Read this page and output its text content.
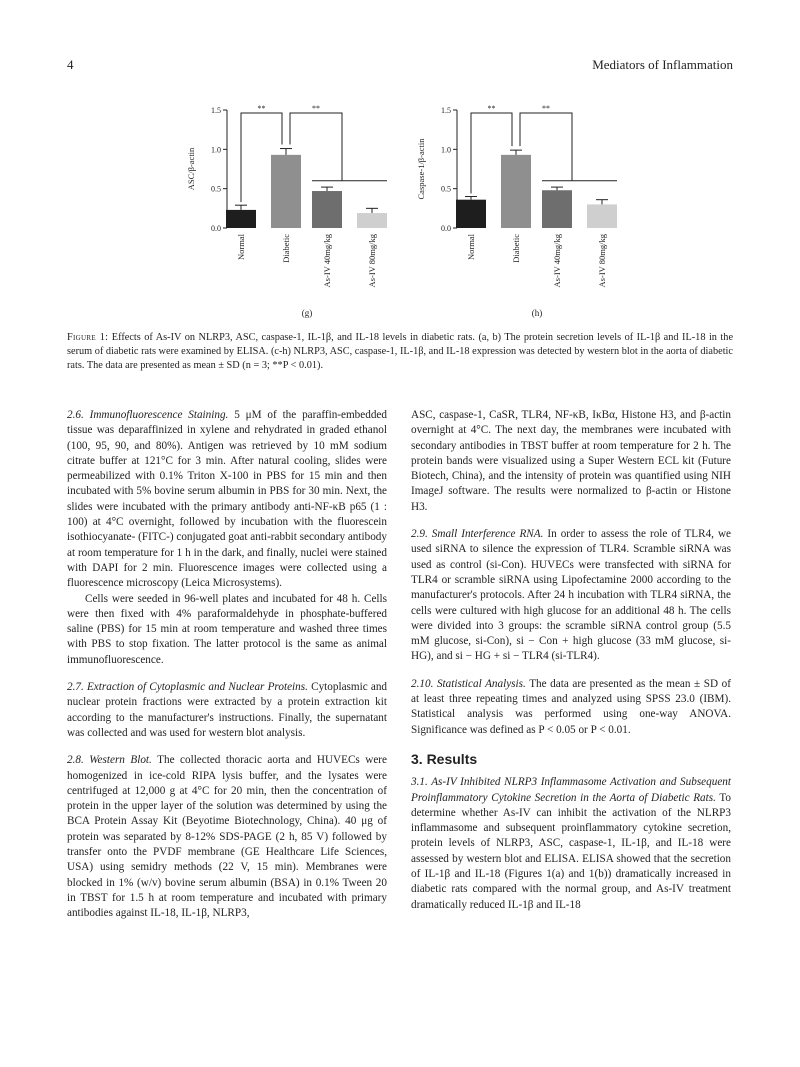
4	Mediators of Inflammation
0.0
0.5
1.0
1.5
ASC/β-actin
Normal	Diabetic	As-IV 40mg/kg	As-IV 80mg/kg
**	**
(g)
0.0
0.5
1.0
1.5
Caspase-1/β-actin
Normal	Diabetic	As-IV 40mg/kg	As-IV 80mg/kg
**	**
(h)
Figure 1: Effects of As-IV on NLRP3, ASC, caspase-1, IL-1β, and IL-18 levels in diabetic rats. (a, b) The protein secretion levels of IL-1β and IL-18 in the serum of diabetic rats were examined by ELISA. (c-h) NLRP3, ASC, caspase-1, IL-1β, and IL-18 expression was detected by western blot in the aorta of diabetic rats. The data are presented as mean ± SD (n = 3; **P < 0.01).

2.6. Immunofluorescence Staining. 5 μM of the paraffin-embedded tissue was deparaffinized in xylene and rehydrated in graded ethanol (100, 95, 90, and 80%). Antigen was retrieved by 10 mM sodium citrate buffer at 121°C for 3 min. After natural cooling, slides were permeabilized with 0.1% Triton X-100 in PBS for 15 min and then incubated with 5% bovine serum albumin in PBS for 30 min. Next, the slides were incubated with the primary antibody anti-NF-κB p65 (1 : 100) at 4°C overnight, followed by incubation with the fluorescein isothiocyanate- (FITC-) conjugated goat anti-rabbit secondary antibody at room temperature for 1 h in the dark, and finally, nuclei were stained with DAPI for 2 min. Fluorescence images were collected using a fluorescence microscopy (Leica Microsystems).

Cells were seeded in 96-well plates and incubated for 48 h. Cells were then fixed with 4% paraformaldehyde in phosphate-buffered saline (PBS) for 15 min at room temperature and washed three times with PBS to stop fixation. The latter protocol is the same as animal immunofluorescence.

2.7. Extraction of Cytoplasmic and Nuclear Proteins. Cytoplasmic and nuclear protein fractions were extracted by a protein extraction kit according to the manufacturer's instructions. Finally, the supernatant was collected and was used for western blot analysis.

2.8. Western Blot. The collected thoracic aorta and HUVECs were homogenized in ice-cold RIPA lysis buffer, and the lysates were centrifuged at 12,000 g at 4°C for 20 min, then the concentration of protein in the upper layer of the solution was determined by using the BCA Protein Assay Kit (Beyotime Biotechnology, China). 40 μg of protein was separated by 8-12% SDS-PAGE (2 h, 85 V) followed by transfer onto the PVDF membrane (GE Healthcare Life Sciences, USA) using semidry methods (22 V, 15 min). Membranes were blocked in 1% (w/v) bovine serum albumin (BSA) in 0.1% Tween 20 in TBST for 1.5 h at room temperature and incubated with primary antibodies against IL-18, IL-1β, NLRP3,

ASC, caspase-1, CaSR, TLR4, NF-κB, IκBα, Histone H3, and β-actin overnight at 4°C. The next day, the membranes were incubated with secondary antibodies in TBST buffer at room temperature for 2 h. The protein bands were visualized using a Super Western ECL kit (Future Biotech, China), and the intensity of protein was quantified using NIH ImageJ software. The results were normalized to β-actin or Histone H3.

2.9. Small Interference RNA. In order to assess the role of TLR4, we used siRNA to silence the expression of TLR4. Scramble siRNA was used as control (si-Con). HUVECs were transfected with siRNA for TLR4 or scramble siRNA using Lipofectamine 2000 according to the manufacturer's protocols. After 24 h incubation with TLR4 siRNA, the cells were cultured with high glucose for an additional 48 h. The cells were divided into 3 groups: the scramble siRNA control group (5.5 mM glucose, si-Con), si − Con + high glucose (33 mM glucose, si-HG), and si − HG + si − TLR4 (si-TLR4).

2.10. Statistical Analysis. The data are presented as the mean ± SD of at least three repeating times and analyzed using SPSS 23.0 (IBM). Statistical analysis was performed using one-way ANOVA. Significance was defined as P < 0.05 or P < 0.01.

3. Results

3.1. As-IV Inhibited NLRP3 Inflammasome Activation and Subsequent Proinflammatory Cytokine Secretion in the Aorta of Diabetic Rats. To determine whether As-IV can inhibit the activation of the NLRP3 inflammasome and subsequent proinflammatory cytokine secretion, protein levels of NLRP3, ASC, caspase-1, IL-1β, and IL-18 were assessed by western blot and ELISA. ELISA showed that the secretion of IL-1β and IL-18 (Figures 1(a) and 1(b)) dramatically increased in diabetic rats compared with the normal group, and As-IV treatment dramatically reduced IL-1β and IL-18
